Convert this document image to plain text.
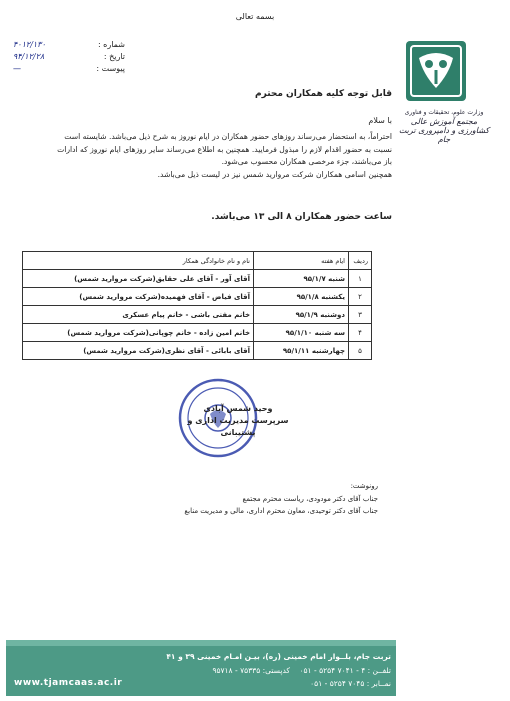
بسمه تعالی
شماره :
۴۰۱۲/۱۳۰
تاریخ :
۹۴/۱۲/۲۸
پیوست :
—
وزارت علوم، تحقیقات و فناوری
مجتمع آموزش عالی کشاورزی و دامپروری تربت جام
قابل توجه کلیه همکاران محترم
با سلام
احتراماً، به استحضار می‌رساند روزهای حضور همکاران در ایام نوروز به شرح ذیل می‌باشد. شایسته است نسبت به حضور اقدام لازم را مبذول فرمایید. همچنین به اطلاع می‌رساند سایر روزهای ایام نوروز که ادارات باز می‌باشند، جزء مرخصی همکاران محسوب می‌شود.
همچنین اسامی همکاران شرکت مروارید شمس نیز در لیست ذیل می‌باشد.
ساعت حضور همکاران ۸ الی ۱۳ می‌باشد.
ردیف	ایام هفته	نام و نام خانوادگی همکار
۱	شنبه ۹۵/۱/۷	آقای آور - آقای علی حقایق(شرکت مروارید شمس)
۲	یکشنبه ۹۵/۱/۸	آقای فیاض - آقای فهمیده(شرکت مروارید شمس)
۳	دوشنبه ۹۵/۱/۹	خانم مفنی باشی - خانم پیام عسکری
۴	سه شنبه ۹۵/۱/۱۰	خانم امین زاده - خانم چوپانی(شرکت مروارید شمس)
۵	چهارشنبه ۹۵/۱/۱۱	آقای بابائی - آقای نظری(شرکت مروارید شمس)
وحید شمس آبادی
سرپرست مدیریت اداری و پشتیبانی
رونوشت:
جناب آقای دکتر مودودی، ریاست محترم مجتمع
جناب آقای دکتر توحیدی، معاون محترم اداری، مالی و مدیریت منابع
تربت جام، بلــوار امام خمینی (ره)، بیـن امـام خمینی ۳۹ و ۴۱
تلفــن : ۴ - ۷۰۴۱ ۵۲۵۴ - ۰۵۱    کدپستی: ۷۵۳۳۵ - ۹۵۷۱۸
نمــابر : ۷۰۴۵ ۵۲۵۴ - ۰۵۱
www.tjamcaas.ac.ir
